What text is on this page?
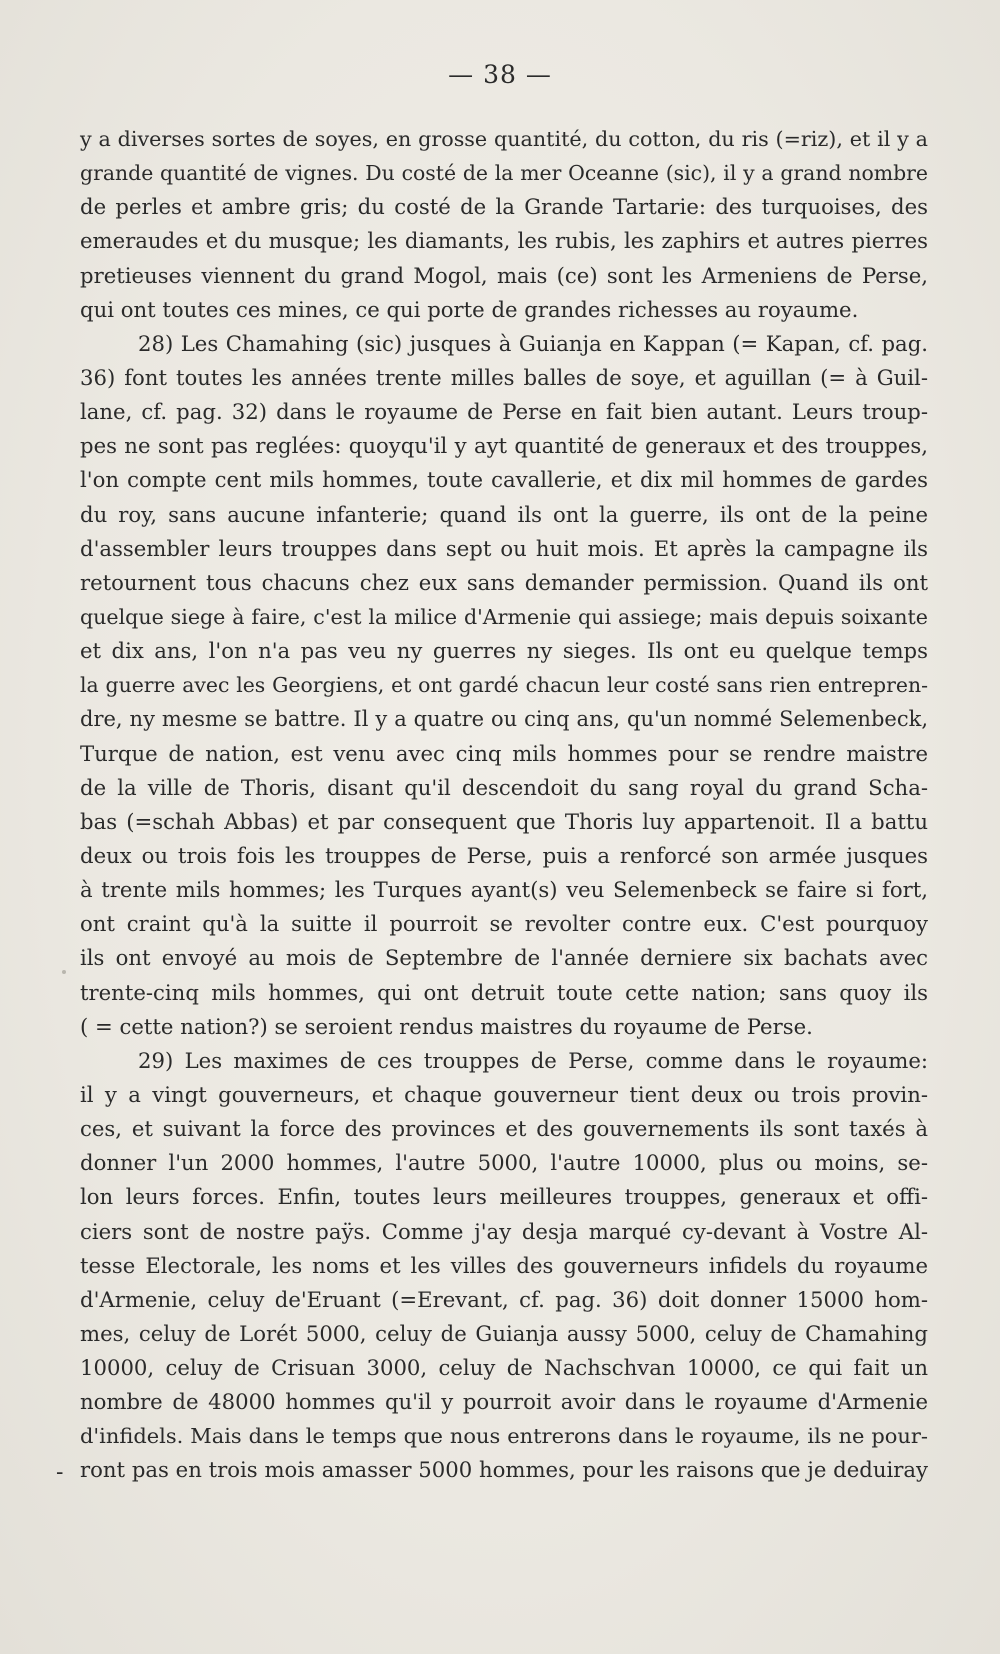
— 38 —
y a diverses sortes de soyes, en grosse quantité, du cotton, du ris (=riz), et il y a
grande quantité de vignes. Du costé de la mer Oceanne (sic), il y a grand nombre
de perles et ambre gris; du costé de la Grande Tartarie: des turquoises, des
emeraudes et du musque; les diamants, les rubis, les zaphirs et autres pierres
pretieuses viennent du grand Mogol, mais (ce) sont les Armeniens de Perse,
qui ont toutes ces mines, ce qui porte de grandes richesses au royaume.
28) Les Chamahing (sic) jusques à Guianja en Kappan (= Kapan, cf. pag.
36) font toutes les années trente milles balles de soye, et aguillan (= à Guil-
lane, cf. pag. 32) dans le royaume de Perse en fait bien autant. Leurs troup-
pes ne sont pas reglées: quoyqu'il y ayt quantité de generaux et des trouppes,
l'on compte cent mils hommes, toute cavallerie, et dix mil hommes de gardes
du roy, sans aucune infanterie; quand ils ont la guerre, ils ont de la peine
d'assembler leurs trouppes dans sept ou huit mois. Et après la campagne ils
retournent tous chacuns chez eux sans demander permission. Quand ils ont
quelque siege à faire, c'est la milice d'Armenie qui assiege; mais depuis soixante
et dix ans, l'on n'a pas veu ny guerres ny sieges. Ils ont eu quelque temps
la guerre avec les Georgiens, et ont gardé chacun leur costé sans rien entrepren-
dre, ny mesme se battre. Il y a quatre ou cinq ans, qu'un nommé Selemenbeck,
Turque de nation, est venu avec cinq mils hommes pour se rendre maistre
de la ville de Thoris, disant qu'il descendoit du sang royal du grand Scha-
bas (=schah Abbas) et par consequent que Thoris luy appartenoit. Il a battu
deux ou trois fois les trouppes de Perse, puis a renforcé son armée jusques
à trente mils hommes; les Turques ayant(s) veu Selemenbeck se faire si fort,
ont craint qu'à la suitte il pourroit se revolter contre eux. C'est pourquoy
ils ont envoyé au mois de Septembre de l'année derniere six bachats avec
trente-cinq mils hommes, qui ont detruit toute cette nation; sans quoy ils
( = cette nation?) se seroient rendus maistres du royaume de Perse.
29) Les maximes de ces trouppes de Perse, comme dans le royaume:
il y a vingt gouverneurs, et chaque gouverneur tient deux ou trois provin-
ces, et suivant la force des provinces et des gouvernements ils sont taxés à
donner l'un 2000 hommes, l'autre 5000, l'autre 10000, plus ou moins, se-
lon leurs forces. Enfin, toutes leurs meilleures trouppes, generaux et offi-
ciers sont de nostre paÿs. Comme j'ay desja marqué cy-devant à Vostre Al-
tesse Electorale, les noms et les villes des gouverneurs infidels du royaume
d'Armenie, celuy de'Eruant (=Erevant, cf. pag. 36) doit donner 15000 hom-
mes, celuy de Lorét 5000, celuy de Guianja aussy 5000, celuy de Chamahing
10000, celuy de Crisuan 3000, celuy de Nachschvan 10000, ce qui fait un
nombre de 48000 hommes qu'il y pourroit avoir dans le royaume d'Armenie
d'infidels. Mais dans le temps que nous entrerons dans le royaume, ils ne pour-
ront pas en trois mois amasser 5000 hommes, pour les raisons que je deduiray
-
